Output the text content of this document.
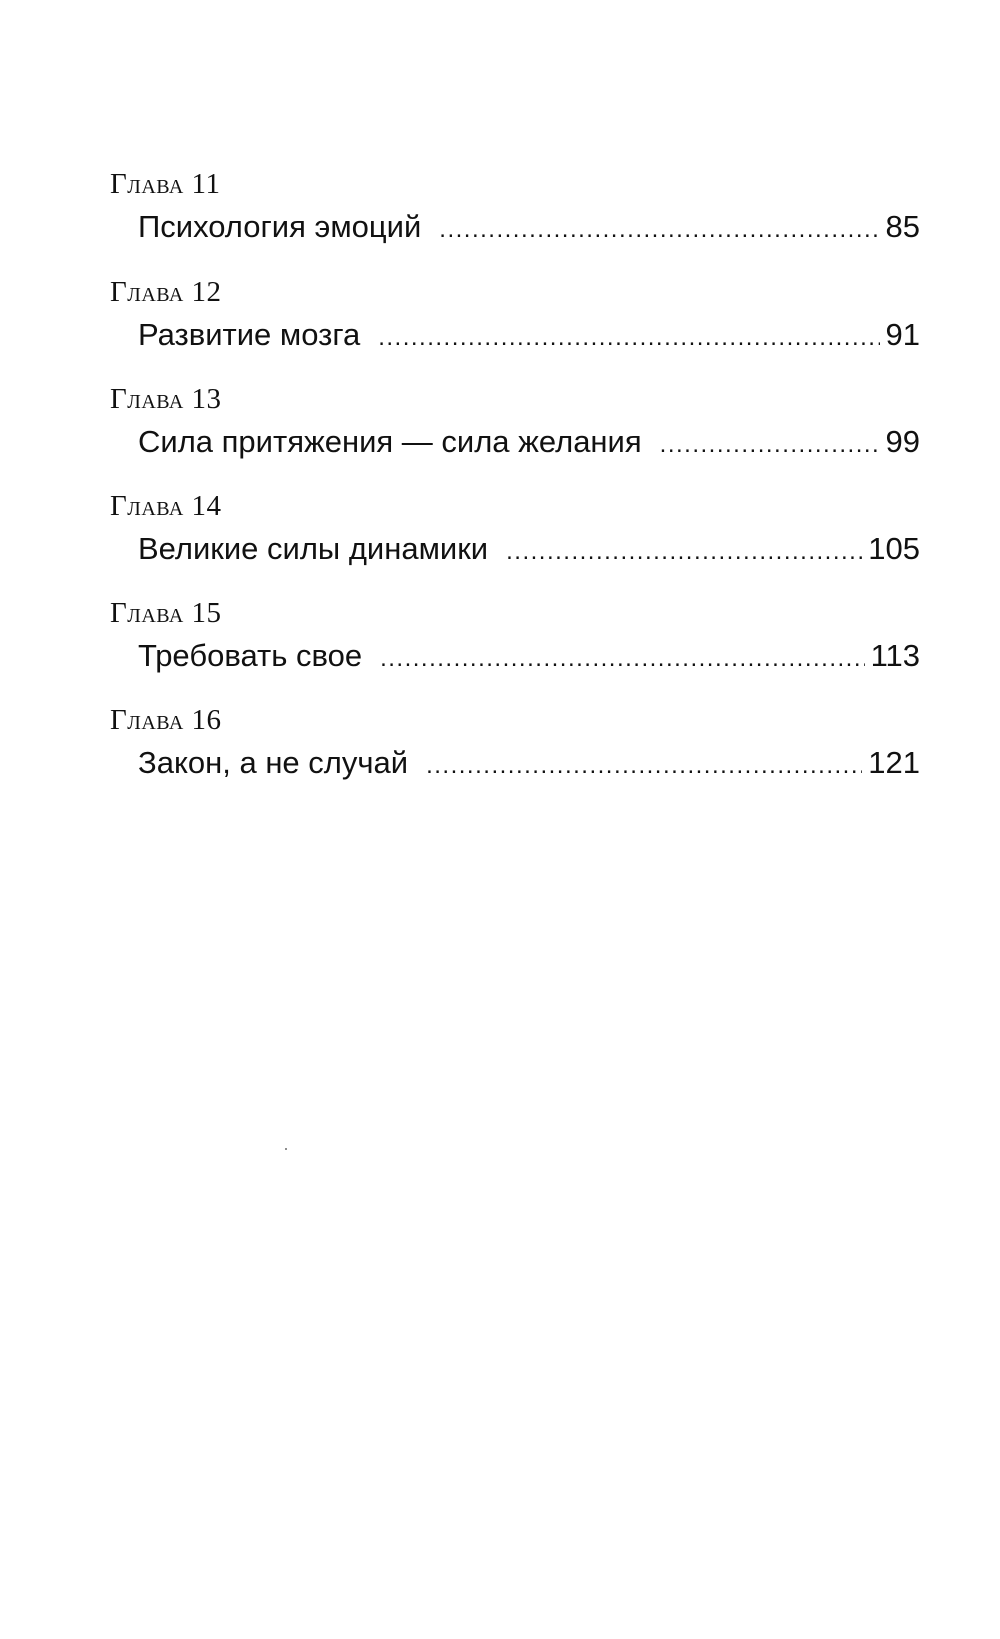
Глава 11
Психология эмоций .....	85
Глава 12
Развитие мозга .....	91
Глава 13
Сила притяжения — сила желания .....	99
Глава 14
Великие силы динамики .....	105
Глава 15
Требовать свое .....	113
Глава 16
Закон, а не случай .....	121
